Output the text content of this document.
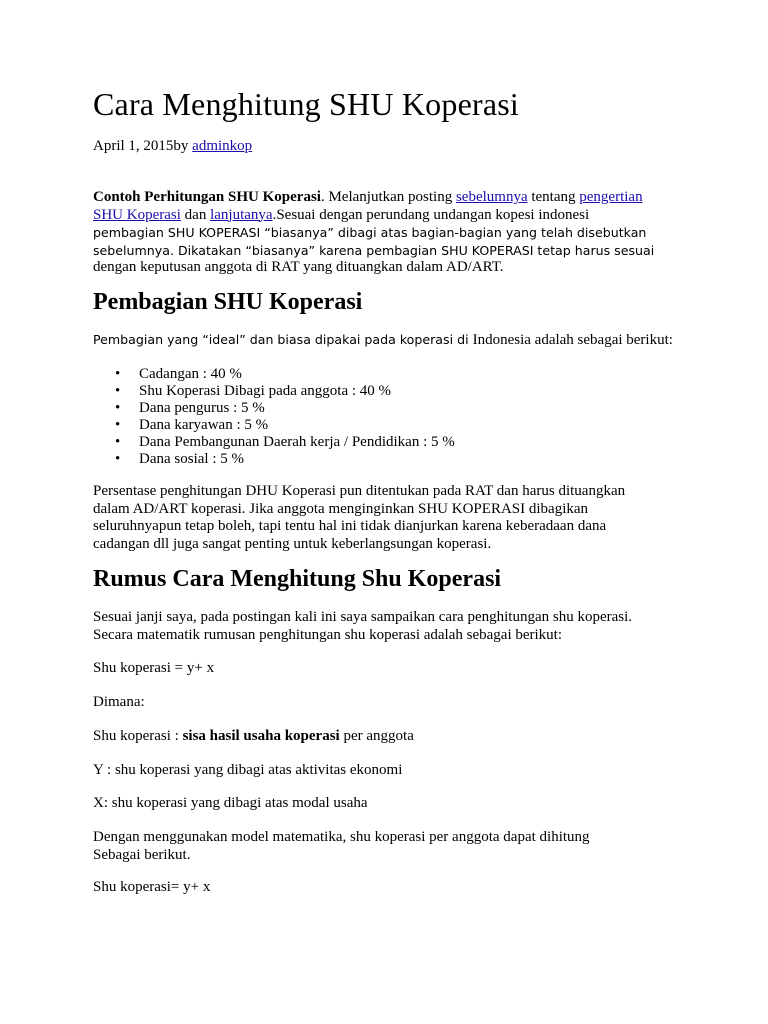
Cara Menghitung SHU Koperasi
April 1, 2015by adminkop
Contoh Perhitungan SHU Koperasi. Melanjutkan posting sebelumnya tentang pengertian
SHU Koperasi dan lanjutanya.Sesuai dengan perundang undangan kopesi indonesi
pembagian SHU KOPERASI “biasanya” dibagi atas bagian-bagian yang telah disebutkan
sebelumnya. Dikatakan “biasanya” karena pembagian SHU KOPERASI tetap harus sesuai
dengan keputusan anggota di RAT yang dituangkan dalam AD/ART.
Pembagian SHU Koperasi
Pembagian yang “ideal” dan biasa dipakai pada koperasi di Indonesia adalah sebagai berikut:
• Cadangan : 40 %
• Shu Koperasi Dibagi pada anggota : 40 %
• Dana pengurus : 5 %
• Dana karyawan : 5 %
• Dana Pembangunan Daerah kerja / Pendidikan : 5 %
• Dana sosial : 5 %
Persentase penghitungan DHU Koperasi pun ditentukan pada RAT dan harus dituangkan
dalam AD/ART koperasi. Jika anggota menginginkan SHU KOPERASI dibagikan
seluruhnyapun tetap boleh, tapi tentu hal ini tidak dianjurkan karena keberadaan dana
cadangan dll juga sangat penting untuk keberlangsungan koperasi.
Rumus Cara Menghitung Shu Koperasi
Sesuai janji saya, pada postingan kali ini saya sampaikan cara penghitungan shu koperasi.
Secara matematik rumusan penghitungan shu koperasi adalah sebagai berikut:
Shu koperasi = y+ x
Dimana:
Shu koperasi : sisa hasil usaha koperasi per anggota
Y : shu koperasi yang dibagi atas aktivitas ekonomi
X: shu koperasi yang dibagi atas modal usaha
Dengan menggunakan model matematika, shu koperasi per anggota dapat dihitung
Sebagai berikut.
Shu koperasi= y+ x
